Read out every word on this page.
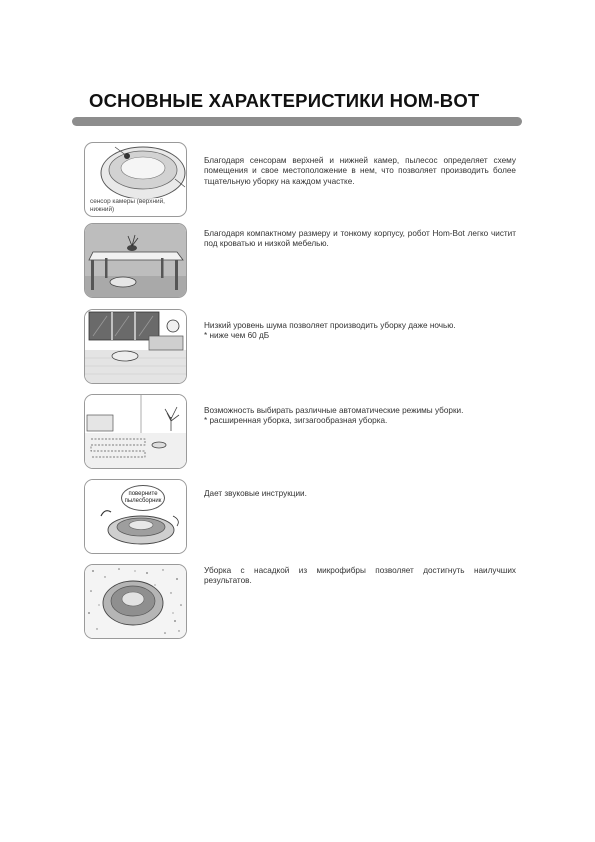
ОСНОВНЫЕ ХАРАКТЕРИСТИКИ HOM-BOT
сенсор камеры (верхний, нижний)

Благодаря сенсорам верхней и нижней камер, пылесос определяет схему помещения и свое местоположение в нем, что позволяет производить более тщательную уборку на каждом участке.

Благодаря компактному размеру и тонкому корпусу, робот Hom-Bot легко чистит под кроватью и низкой мебелью.

Низкий уровень шума позволяет производить уборку даже ночью.

* ниже чем 60 дБ

Возможность выбирать различные автоматические режимы уборки.

* расширенная уборка, зигзагообразная уборка.

поверните пылесборник

Дает звуковые инструкции.

Уборка с насадкой из микрофибры позволяет достигнуть наилучших результатов.
